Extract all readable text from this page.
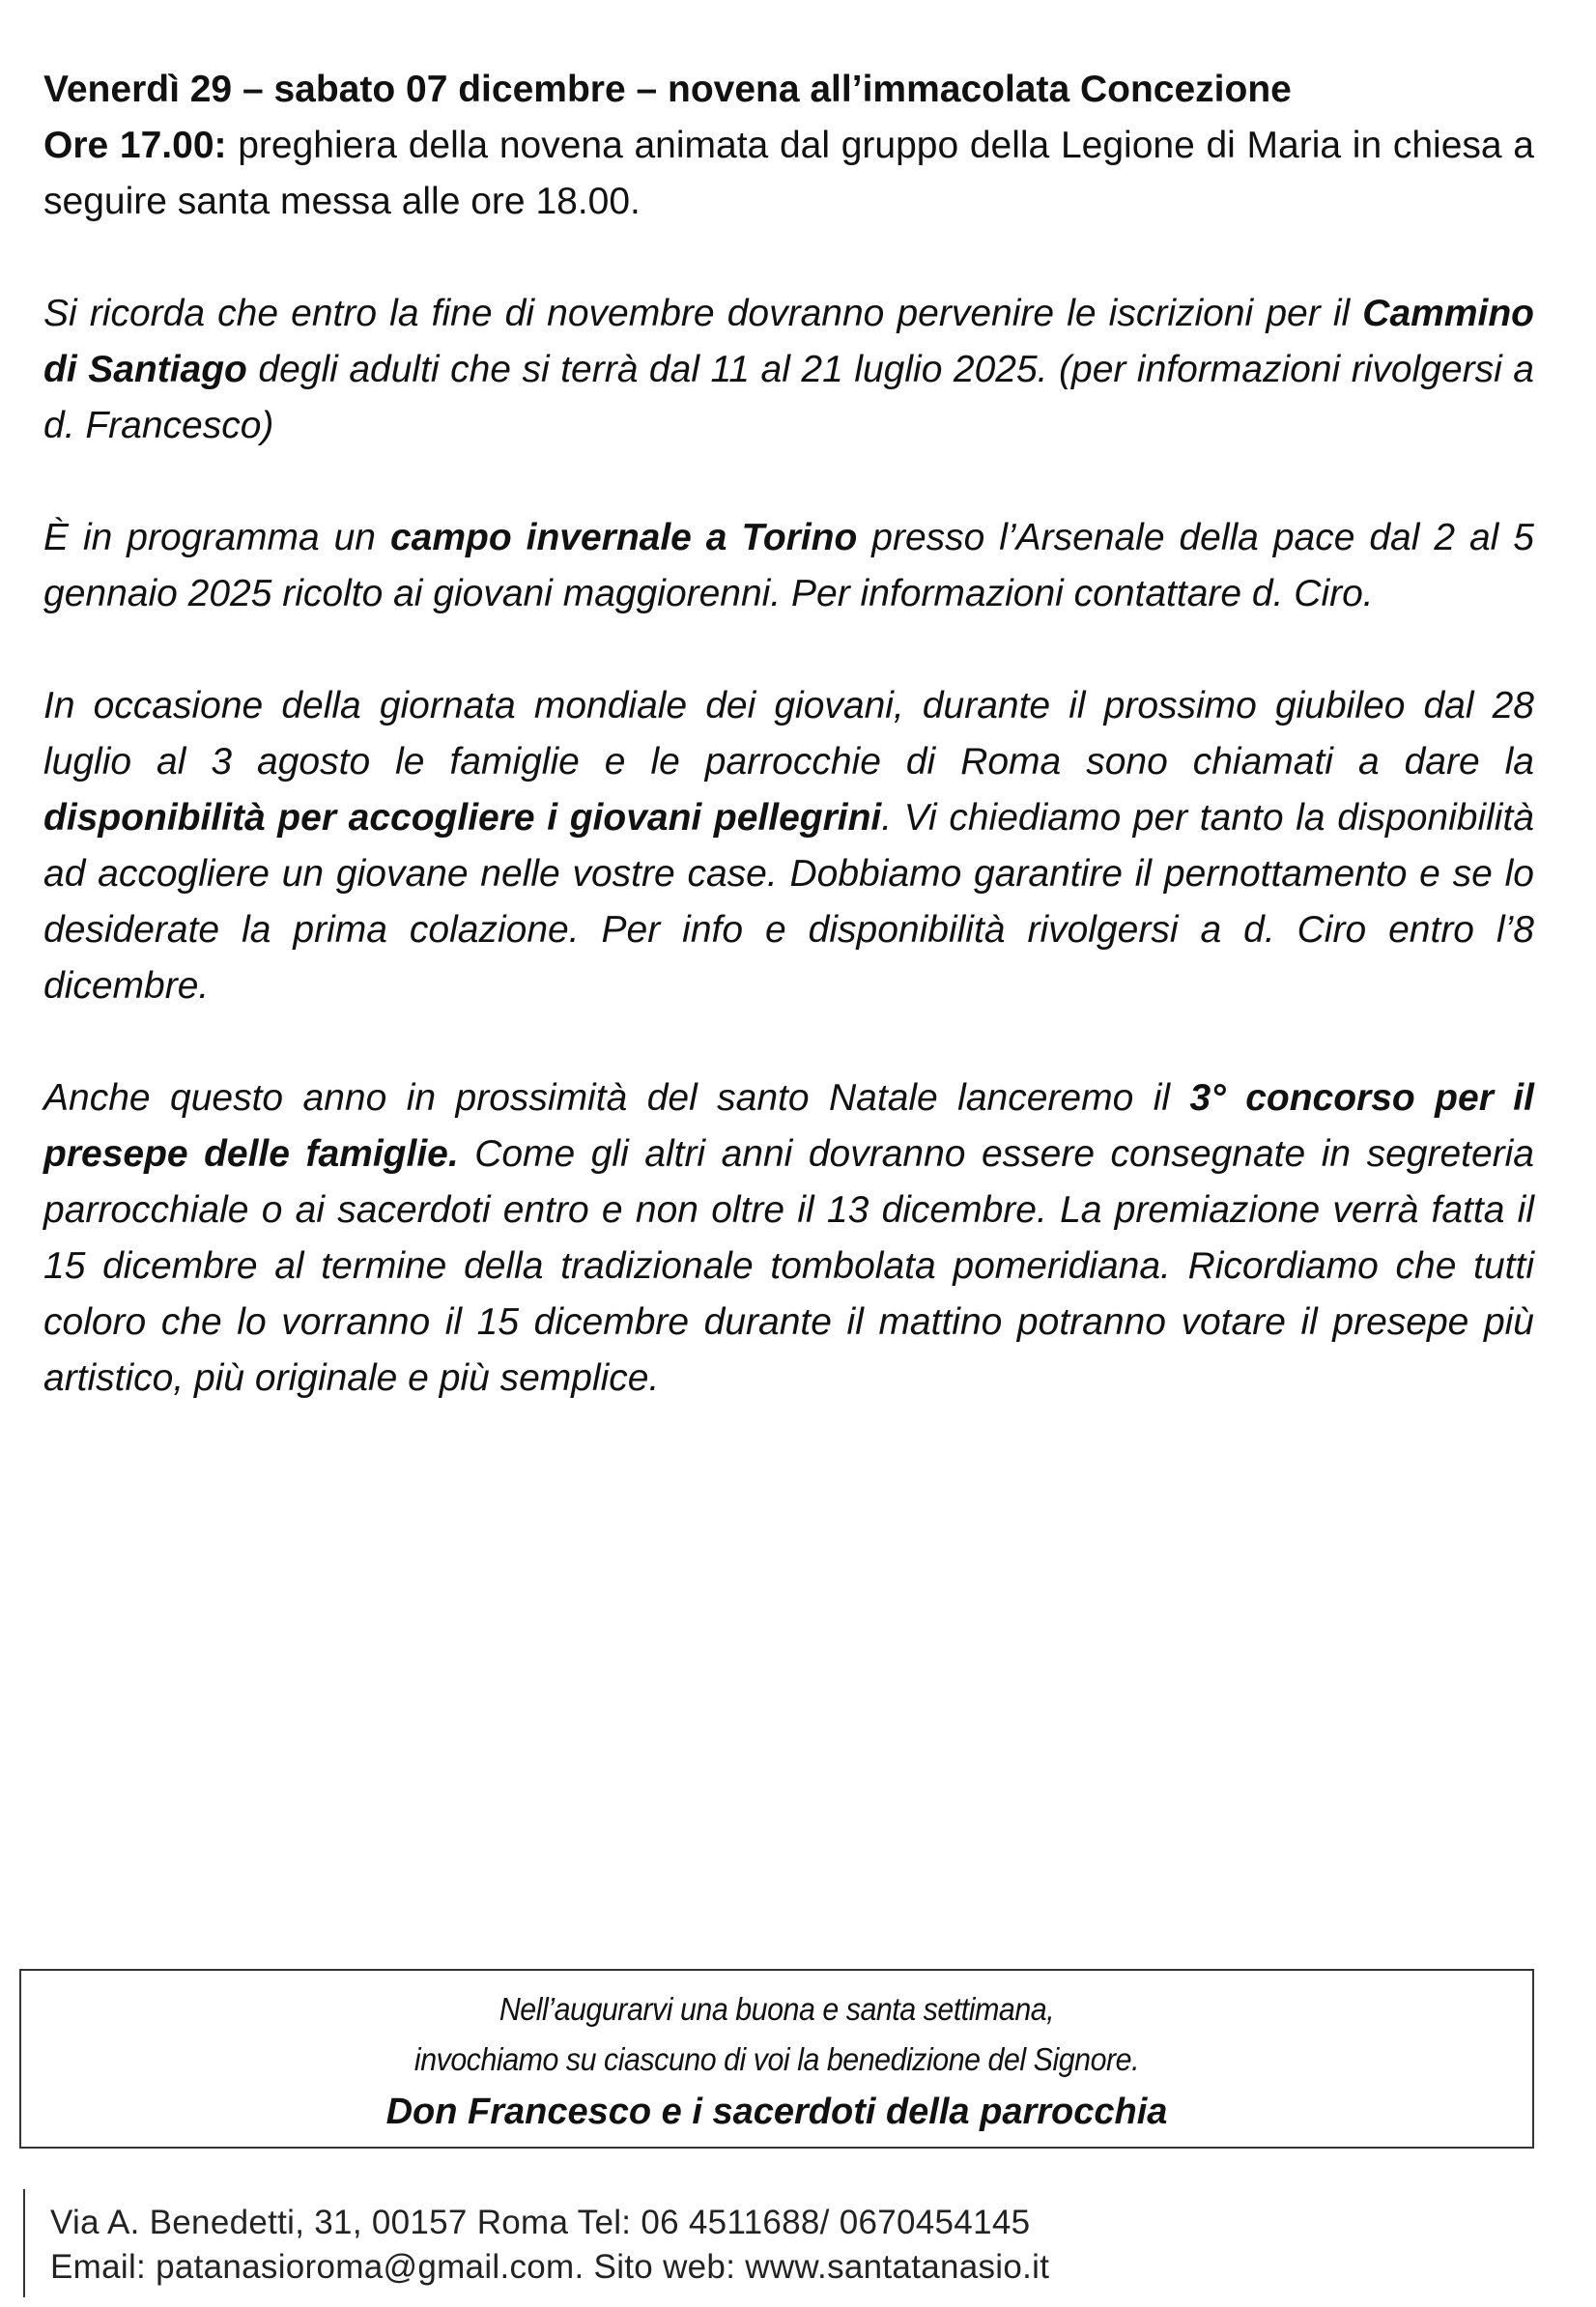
Venerdì 29 – sabato 07 dicembre – novena all’immacolata Concezione
Ore 17.00: preghiera della novena animata dal gruppo della Legione di Maria in chiesa a seguire santa messa alle ore 18.00.

Si ricorda che entro la fine di novembre dovranno pervenire le iscrizioni per il Cammino di Santiago degli adulti che si terrà dal 11 al 21 luglio 2025. (per informazioni rivolgersi a d. Francesco)

È in programma un campo invernale a Torino presso l’Arsenale della pace dal 2 al 5 gennaio 2025 ricolto ai giovani maggiorenni. Per informazioni contattare d. Ciro.

In occasione della giornata mondiale dei giovani, durante il prossimo giubileo dal 28 luglio al 3 agosto le famiglie e le parrocchie di Roma sono chiamati a dare la disponibilità per accogliere i giovani pellegrini. Vi chiediamo per tanto la disponibilità ad accogliere un giovane nelle vostre case. Dobbiamo garantire il pernottamento e se lo desiderate la prima colazione. Per info e disponibilità rivolgersi a d. Ciro entro l’8 dicembre.

Anche questo anno in prossimità del santo Natale lanceremo il 3° concorso per il presepe delle famiglie. Come gli altri anni dovranno essere consegnate in segreteria parrocchiale o ai sacerdoti entro e non oltre il 13 dicembre. La premiazione verrà fatta il 15 dicembre al termine della tradizionale tombolata pomeridiana. Ricordiamo che tutti coloro che lo vorranno il 15 dicembre durante il mattino potranno votare il presepe più artistico, più originale e più semplice.

Nell’augurarvi una buona e santa settimana,
invochiamo su ciascuno di voi la benedizione del Signore.
Don Francesco e i sacerdoti della parrocchia
Via A. Benedetti, 31, 00157 Roma Tel: 06 4511688/ 0670454145
Email: patanasioroma@gmail.com. Sito web: www.santatanasio.it
